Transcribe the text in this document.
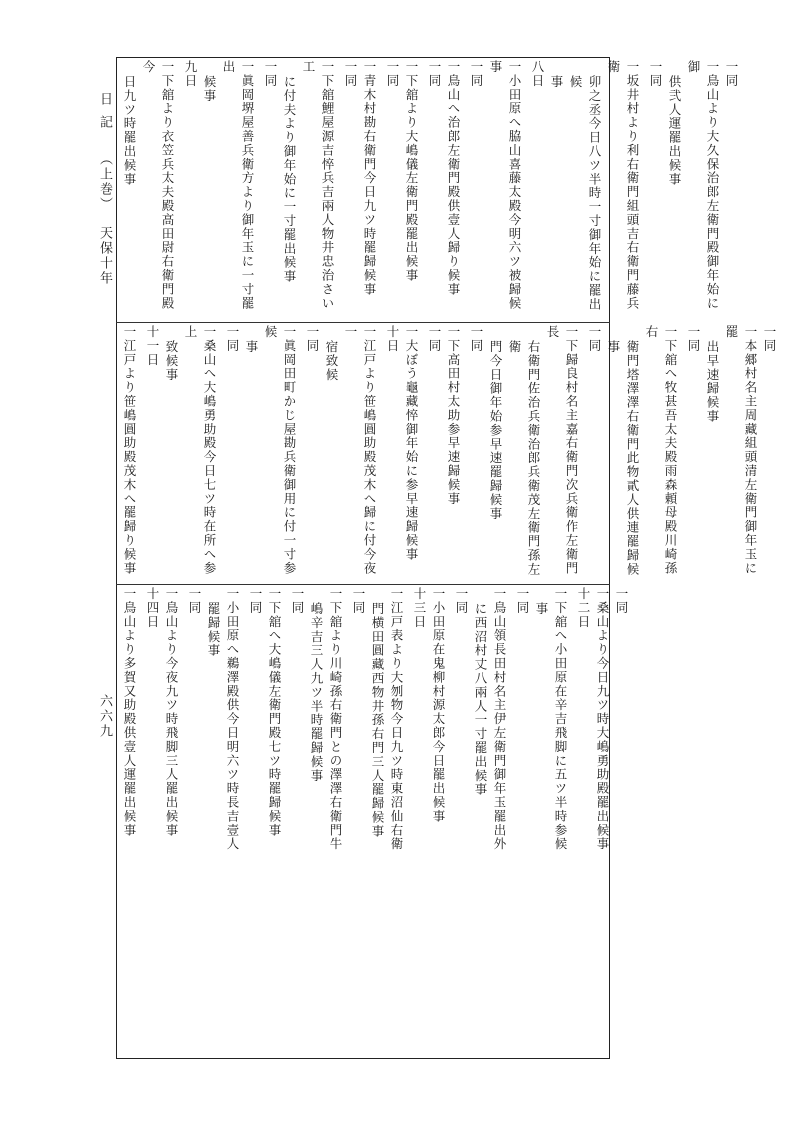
日記（上巻）天保十年
六六九
一同
一鳥山より大久保治郎左衛門殿御年始に御
供弐人運罷出候事
一同
一坂井村より利右衛門組頭吉右衛門藤兵衛
卯之丞今日八ツ半時一寸御年始に罷出候
事
八日
一小田原へ脇山喜藤太殿今明六ツ被歸候事
一同
一鳥山へ治郎左衛門殿供壹人歸り候事
一同
一下舘より大嶋儀左衛門殿罷出候事
一同
一青木村勘右衛門今日九ツ時罷歸候事
一同
一下舘鯉屋源吉悴兵吉兩人物井忠治さい工
に付夫より御年始に一寸罷出候事
一同
一眞岡堺屋善兵衛方より御年玉に一寸罷出
候事
九日
一下舘より衣笠兵太夫殿高田尉右衛門殿今
日九ツ時罷出候事
一同
一本郷村名主周藏組頭清左衛門御年玉に罷
出早速歸候事
一同
一下舘へ牧甚吾太夫殿雨森頼母殿川崎孫右
衛門塔澤澤右衛門此物貳人供連罷歸候事
一同
一下歸良村名主嘉右衛門次兵衛作左衛門長
右衛門佐治兵衛治郎兵衛茂左衛門孫左衛
門今日御年始参早速罷歸候事
一同
一下高田村太助参早速歸候事
一同
一大ぼう龜藏悴御年始に参早速歸候事
十日
一江戸より笹嶋圓助殿茂木へ歸に付今夜一
宿致候
一同
一眞岡田町かじ屋勘兵衛御用に付一寸参候
事
一同
一桑山へ大嶋勇助殿今日七ツ時在所へ参上
致候事
十一日
一江戸より笹嶋圓助殿茂木へ罷歸り候事
一同
一桑山より今日九ツ時大嶋勇助殿罷出候事
十二日
一下舘へ小田原在辛吉飛脚に五ツ半時参候
事
一同
一鳥山領長田村名主伊左衛門御年玉罷出外
に西沼村丈八兩人一寸罷出候事
一同
一小田原在鬼柳村源太郎今日罷出候事
十三日
一江戸表より大刎物今日九ツ時東沼仙右衛
門横田圓藏西物井孫右門三人罷歸候事
一同
一下舘より川崎孫右衛門との澤澤右衛門牛
嶋辛吉三人九ツ半時罷歸候事
一同
一下舘へ大嶋儀左衛門殿七ツ時罷歸候事
一同
一小田原へ鵜澤殿供今日明六ツ時長吉壹人
罷歸候事
一同
一鳥山より今夜九ツ時飛脚三人罷出候事
十四日
一鳥山より多賀又助殿供壹人運罷出候事
